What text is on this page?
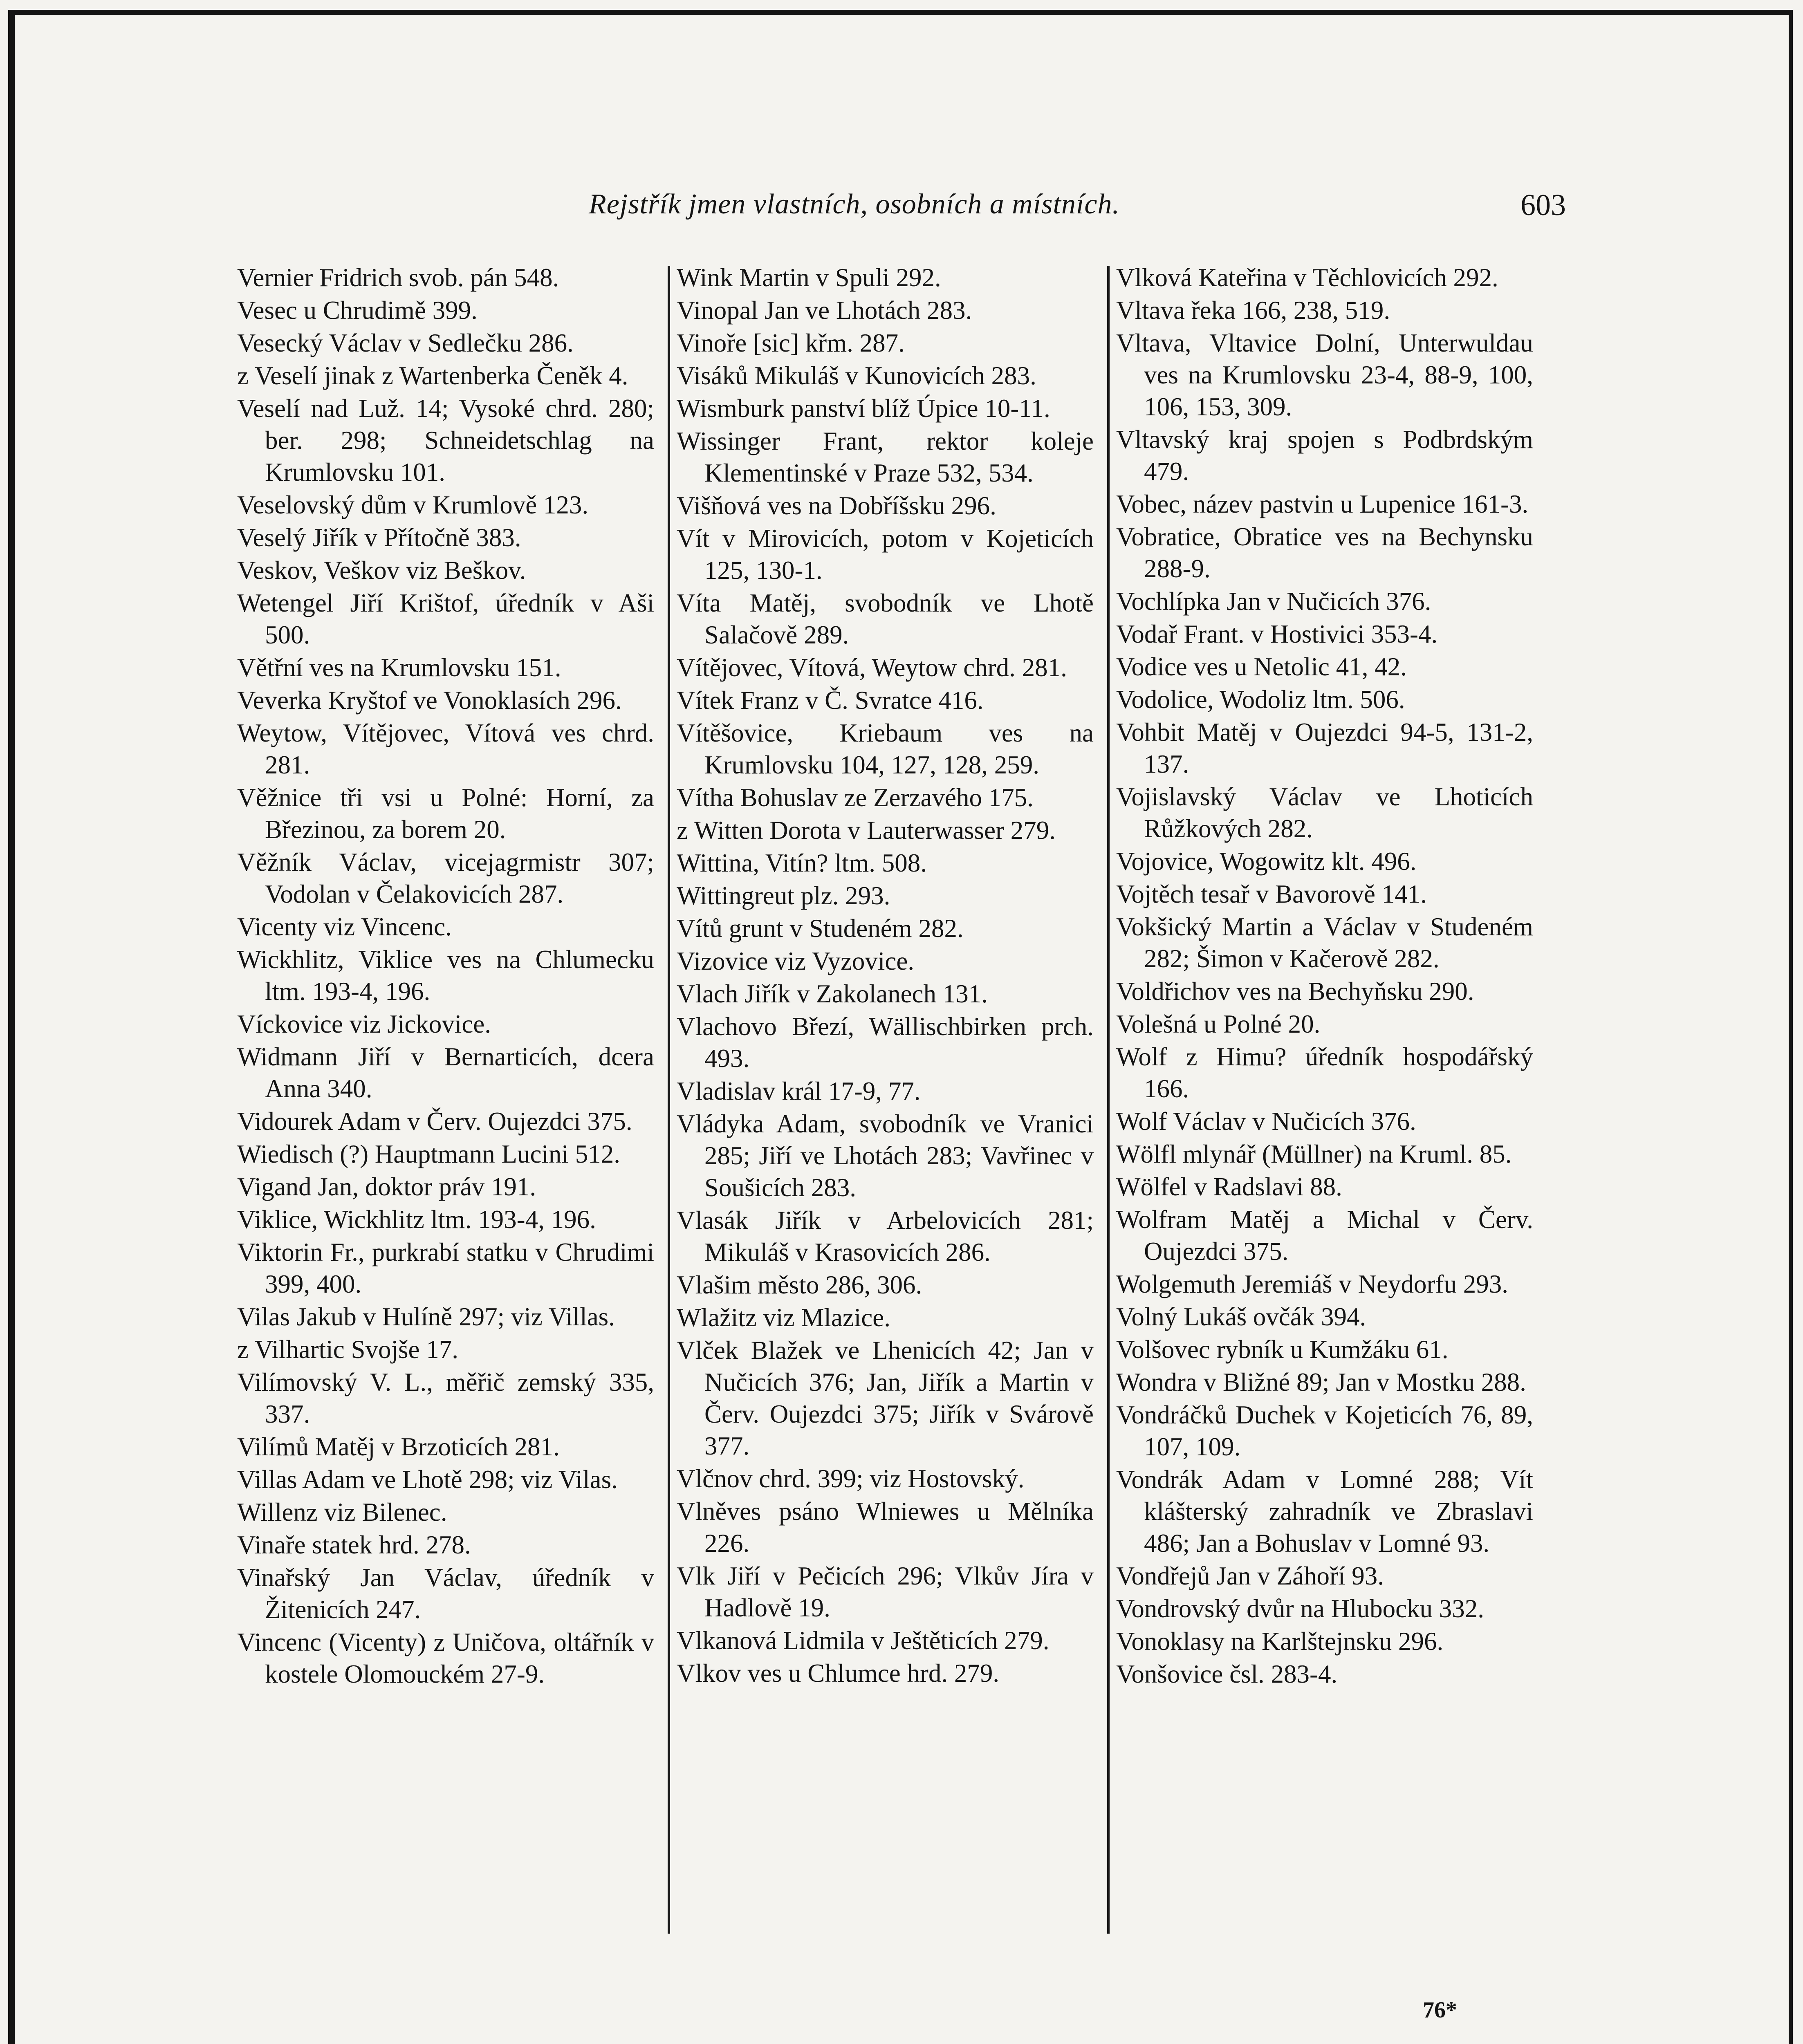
Rejstřík jmen vlastních, osobních a místních.	603

Vernier Fridrich svob. pán 548.

Vesec u Chrudimě 399.

Vesecký Václav v Sedlečku 286.

z Veselí jinak z Wartenberka Čeněk 4.

Veselí nad Luž. 14; Vysoké chrd. 280; ber. 298; Schneidetschlag na Krumlovsku 101.

Veselovský dům v Krumlově 123.

Veselý Jiřík v Přítočně 383.

Veskov, Veškov viz Beškov.

Wetengel Jiří Krištof, úředník v Aši 500.

Větřní ves na Krumlovsku 151.

Veverka Kryštof ve Vonoklasích 296.

Weytow, Vítějovec, Vítová ves chrd. 281.

Věžnice tři vsi u Polné: Horní, za Březinou, za borem 20.

Věžník Václav, vicejagrmistr 307; Vodolan v Čelakovicích 287.

Vicenty viz Vincenc.

Wickhlitz, Viklice ves na Chlumecku ltm. 193-4, 196.

Víckovice viz Jickovice.

Widmann Jiří v Bernarticích, dcera Anna 340.

Vidourek Adam v Červ. Oujezdci 375.

Wiedisch (?) Hauptmann Lucini 512.

Vigand Jan, doktor práv 191.

Viklice, Wickhlitz ltm. 193-4, 196.

Viktorin Fr., purkrabí statku v Chrudimi 399, 400.

Vilas Jakub v Hulíně 297; viz Villas.

z Vilhartic Svojše 17.

Vilímovský V. L., měřič zemský 335, 337.

Vilímů Matěj v Brzoticích 281.

Villas Adam ve Lhotě 298; viz Vilas.

Willenz viz Bilenec.

Vinaře statek hrd. 278.

Vinařský Jan Václav, úředník v Žitenicích 247.

Vincenc (Vicenty) z Uničova, oltářník v kostele Olomouckém 27-9.

Wink Martin v Spuli 292.

Vinopal Jan ve Lhotách 283.

Vinoře [sic] křm. 287.

Visáků Mikuláš v Kunovicích 283.

Wismburk panství blíž Úpice 10-11.

Wissinger Frant, rektor koleje Klementinské v Praze 532, 534.

Višňová ves na Dobříšsku 296.

Vít v Mirovicích, potom v Kojeticích 125, 130-1.

Víta Matěj, svobodník ve Lhotě Salačově 289.

Vítějovec, Vítová, Weytow chrd. 281.

Vítek Franz v Č. Svratce 416.

Vítěšovice, Kriebaum ves na Krumlovsku 104, 127, 128, 259.

Vítha Bohuslav ze Zerzavého 175.

z Witten Dorota v Lauterwasser 279.

Wittina, Vitín? ltm. 508.

Wittingreut plz. 293.

Vítů grunt v Studeném 282.

Vizovice viz Vyzovice.

Vlach Jiřík v Zakolanech 131.

Vlachovo Březí, Wällischbirken prch. 493.

Vladislav král 17-9, 77.

Vládyka Adam, svobodník ve Vranici 285; Jiří ve Lhotách 283; Vavřinec v Soušicích 283.

Vlasák Jiřík v Arbelovicích 281; Mikuláš v Krasovicích 286.

Vlašim město 286, 306.

Wlažitz viz Mlazice.

Vlček Blažek ve Lhenicích 42; Jan v Nučicích 376; Jan, Jiřík a Martin v Červ. Oujezdci 375; Jiřík v Svárově 377.

Vlčnov chrd. 399; viz Hostovský.

Vlněves psáno Wlniewes u Mělníka 226.

Vlk Jiří v Pečicích 296; Vlkův Jíra v Hadlově 19.

Vlkanová Lidmila v Ještěticích 279.

Vlkov ves u Chlumce hrd. 279.

Vlková Kateřina v Těchlovicích 292.

Vltava řeka 166, 238, 519.

Vltava, Vltavice Dolní, Unterwuldau ves na Krumlovsku 23-4, 88-9, 100, 106, 153, 309.

Vltavský kraj spojen s Podbrdským 479.

Vobec, název pastvin u Lupenice 161-3.

Vobratice, Obratice ves na Bechynsku 288-9.

Vochlípka Jan v Nučicích 376.

Vodař Frant. v Hostivici 353-4.

Vodice ves u Netolic 41, 42.

Vodolice, Wodoliz ltm. 506.

Vohbit Matěj v Oujezdci 94-5, 131-2, 137.

Vojislavský Václav ve Lhoticích Růžkových 282.

Vojovice, Wogowitz klt. 496.

Vojtěch tesař v Bavorově 141.

Vokšický Martin a Václav v Studeném 282; Šimon v Kačerově 282.

Voldřichov ves na Bechyňsku 290.

Volešná u Polné 20.

Wolf z Himu? úředník hospodářský 166.

Wolf Václav v Nučicích 376.

Wölfl mlynář (Müllner) na Kruml. 85.

Wölfel v Radslavi 88.

Wolfram Matěj a Michal v Červ. Oujezdci 375.

Wolgemuth Jeremiáš v Neydorfu 293.

Volný Lukáš ovčák 394.

Volšovec rybník u Kumžáku 61.

Wondra v Bližné 89; Jan v Mostku 288.

Vondráčků Duchek v Kojeticích 76, 89, 107, 109.

Vondrák Adam v Lomné 288; Vít klášterský zahradník ve Zbraslavi 486; Jan a Bohuslav v Lomné 93.

Vondřejů Jan v Záhoří 93.

Vondrovský dvůr na Hlubocku 332.

Vonoklasy na Karlštejnsku 296.

Vonšovice čsl. 283-4.

76*
